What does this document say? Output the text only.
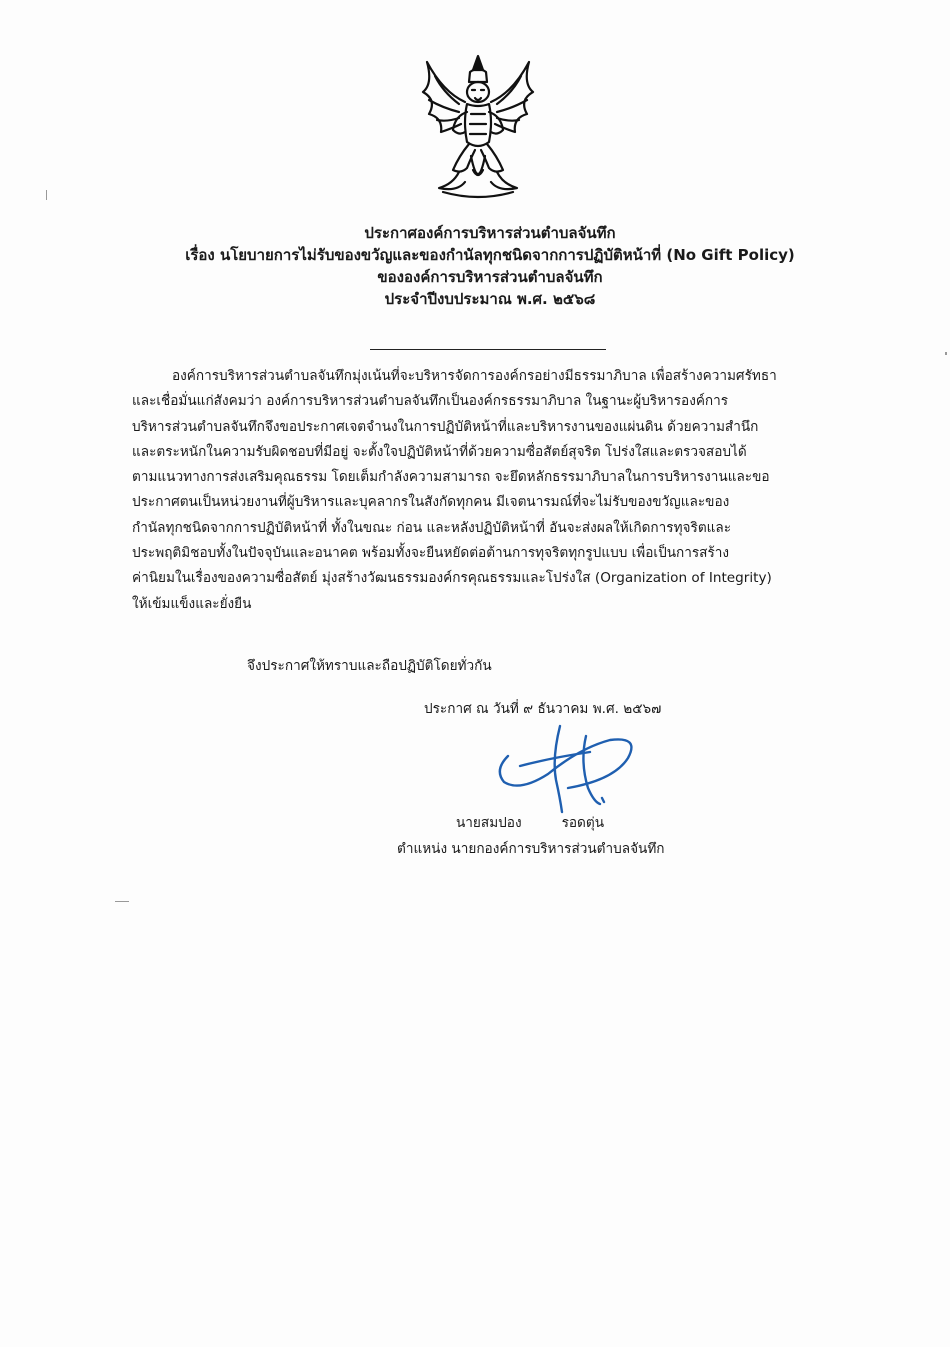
ประกาศองค์การบริหารส่วนตำบลจันทึก
เรื่อง นโยบายการไม่รับของขวัญและของกำนัลทุกชนิดจากการปฏิบัติหน้าที่ (No Gift Policy)
ขององค์การบริหารส่วนตำบลจันทึก
ประจำปีงบประมาณ พ.ศ. ๒๕๖๘
องค์การบริหารส่วนตำบลจันทึกมุ่งเน้นที่จะบริหารจัดการองค์กรอย่างมีธรรมาภิบาล เพื่อสร้างความศรัทธา
และเชื่อมั่นแก่สังคมว่า องค์การบริหารส่วนตำบลจันทึกเป็นองค์กรธรรมาภิบาล ในฐานะผู้บริหารองค์การ
บริหารส่วนตำบลจันทึกจึงขอประกาศเจตจำนงในการปฏิบัติหน้าที่และบริหารงานของแผ่นดิน ด้วยความสำนึก
และตระหนักในความรับผิดชอบที่มีอยู่ จะตั้งใจปฏิบัติหน้าที่ด้วยความซื่อสัตย์สุจริต โปร่งใสและตรวจสอบได้
ตามแนวทางการส่งเสริมคุณธรรม โดยเต็มกำลังความสามารถ จะยึดหลักธรรมาภิบาลในการบริหารงานและขอ
ประกาศตนเป็นหน่วยงานที่ผู้บริหารและบุคลากรในสังกัดทุกคน มีเจตนารมณ์ที่จะไม่รับของขวัญและของ
กำนัลทุกชนิดจากการปฏิบัติหน้าที่ ทั้งในขณะ ก่อน และหลังปฏิบัติหน้าที่ อันจะส่งผลให้เกิดการทุจริตและ
ประพฤติมิชอบทั้งในปัจจุบันและอนาคต พร้อมทั้งจะยืนหยัดต่อต้านการทุจริตทุกรูปแบบ เพื่อเป็นการสร้าง
ค่านิยมในเรื่องของความซื่อสัตย์ มุ่งสร้างวัฒนธรรมองค์กรคุณธรรมและโปร่งใส (Organization of Integrity)
ให้เข้มแข็งและยั่งยืน
จึงประกาศให้ทราบและถือปฏิบัติโดยทั่วกัน
ประกาศ ณ วันที่ ๙ ธันวาคม พ.ศ. ๒๕๖๗
นายสมปอง	รอดตุ่น
ตำแหน่ง นายกองค์การบริหารส่วนตำบลจันทึก
